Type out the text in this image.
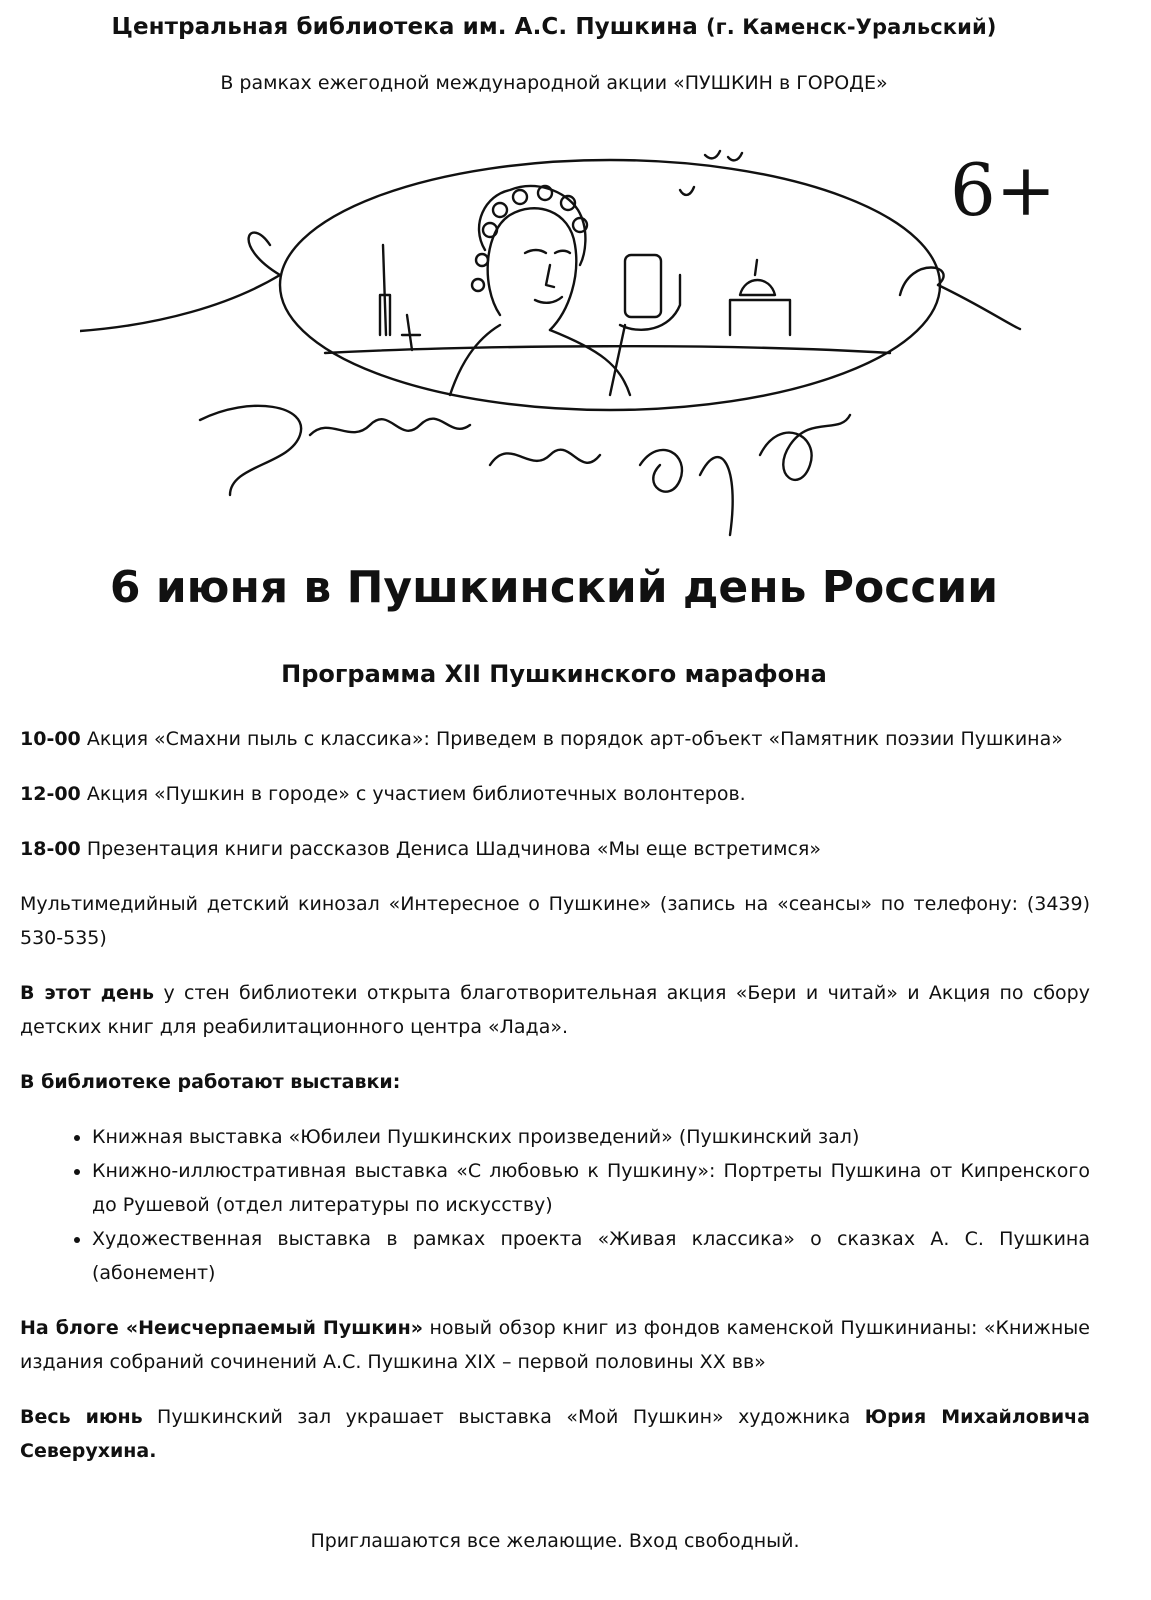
Центральная библиотека им. А.С. Пушкина (г. Каменск-Уральский)
В рамках ежегодной международной акции «ПУШКИН в ГОРОДЕ»
6+
6 июня в Пушкинский день России
Программа XII Пушкинского марафона

10-00 Акция «Смахни пыль с классика»: Приведем в порядок арт-объект «Памятник поэзии Пушкина»

12-00 Акция «Пушкин в городе» с участием библиотечных волонтеров.

18-00 Презентация книги рассказов Дениса Шадчинова «Мы еще встретимся»

Мультимедийный детский кинозал «Интересное о Пушкине» (запись на «сеансы» по телефону: (3439) 530-535)

В этот день у стен библиотеки открыта благотворительная акция «Бери и читай» и Акция по сбору детских книг для реабилитационного центра «Лада».

В библиотеке работают выставки:

• Книжная выставка «Юбилеи Пушкинских произведений» (Пушкинский зал)
• Книжно-иллюстративная выставка «С любовью к Пушкину»: Портреты Пушкина от Кипренского до Рушевой (отдел литературы по искусству)
• Художественная выставка в рамках проекта «Живая классика» о сказках А. С. Пушкина (абонемент)

На блоге «Неисчерпаемый Пушкин» новый обзор книг из фондов каменской Пушкинианы: «Книжные издания собраний сочинений А.С. Пушкина XIX – первой половины XX вв»

Весь июнь Пушкинский зал украшает выставка «Мой Пушкин» художника Юрия Михайловича Северухина.

Приглашаются все желающие. Вход свободный.
